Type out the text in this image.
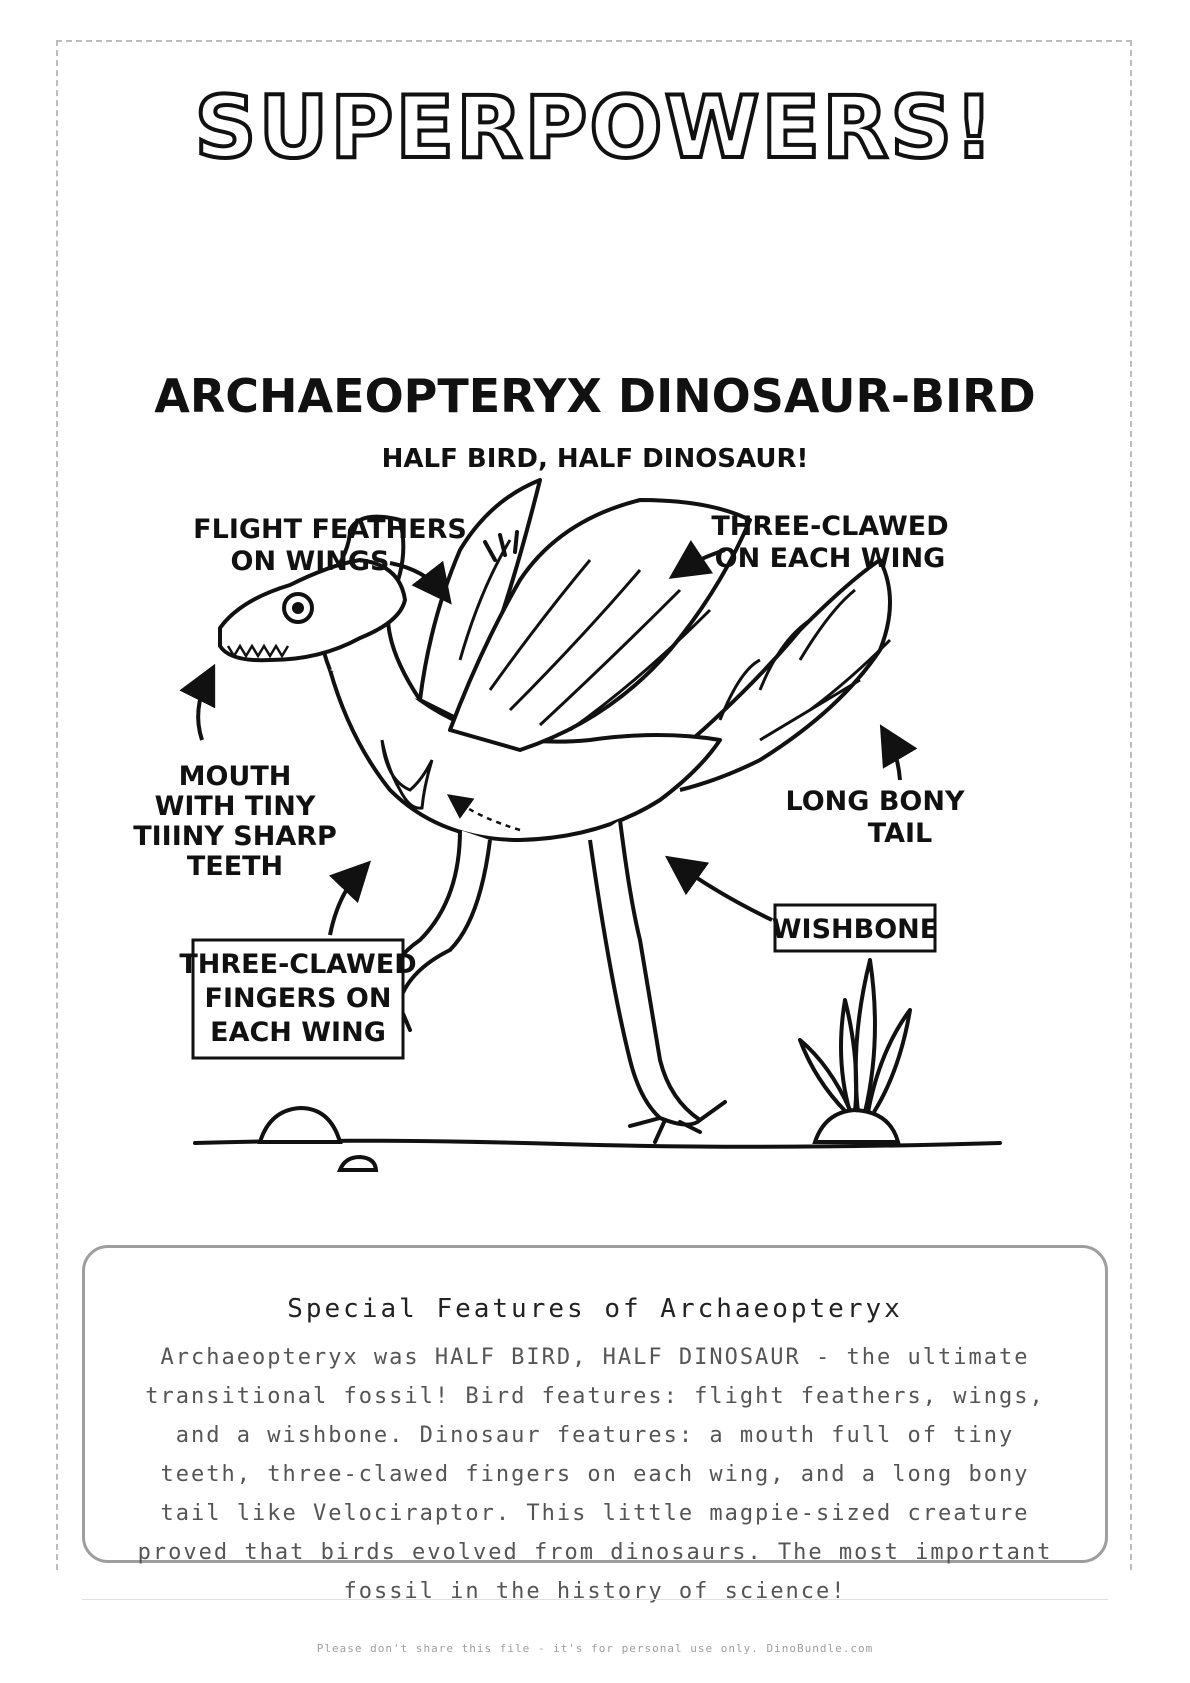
SUPERPOWERS!
ARCHAEOPTERYX DINOSAUR-BIRD
HALF BIRD, HALF DINOSAUR!
FLIGHT FEATHERS
ON WINGS
THREE-CLAWED
ON EACH WING
MOUTH
WITH TINY
TIIINY SHARP
TEETH
LONG BONY
TAIL
WISHBONE
THREE-CLAWED
FINGERS ON
EACH WING
Special Features of Archaeopteryx
Archaeopteryx was HALF BIRD, HALF DINOSAUR - the ultimate transitional fossil! Bird features: flight feathers, wings, and a wishbone. Dinosaur features: a mouth full of tiny teeth, three-clawed fingers on each wing, and a long bony tail like Velociraptor. This little magpie-sized creature proved that birds evolved from dinosaurs. The most important fossil in the history of science!
Please don't share this file - it's for personal use only. DinoBundle.com
